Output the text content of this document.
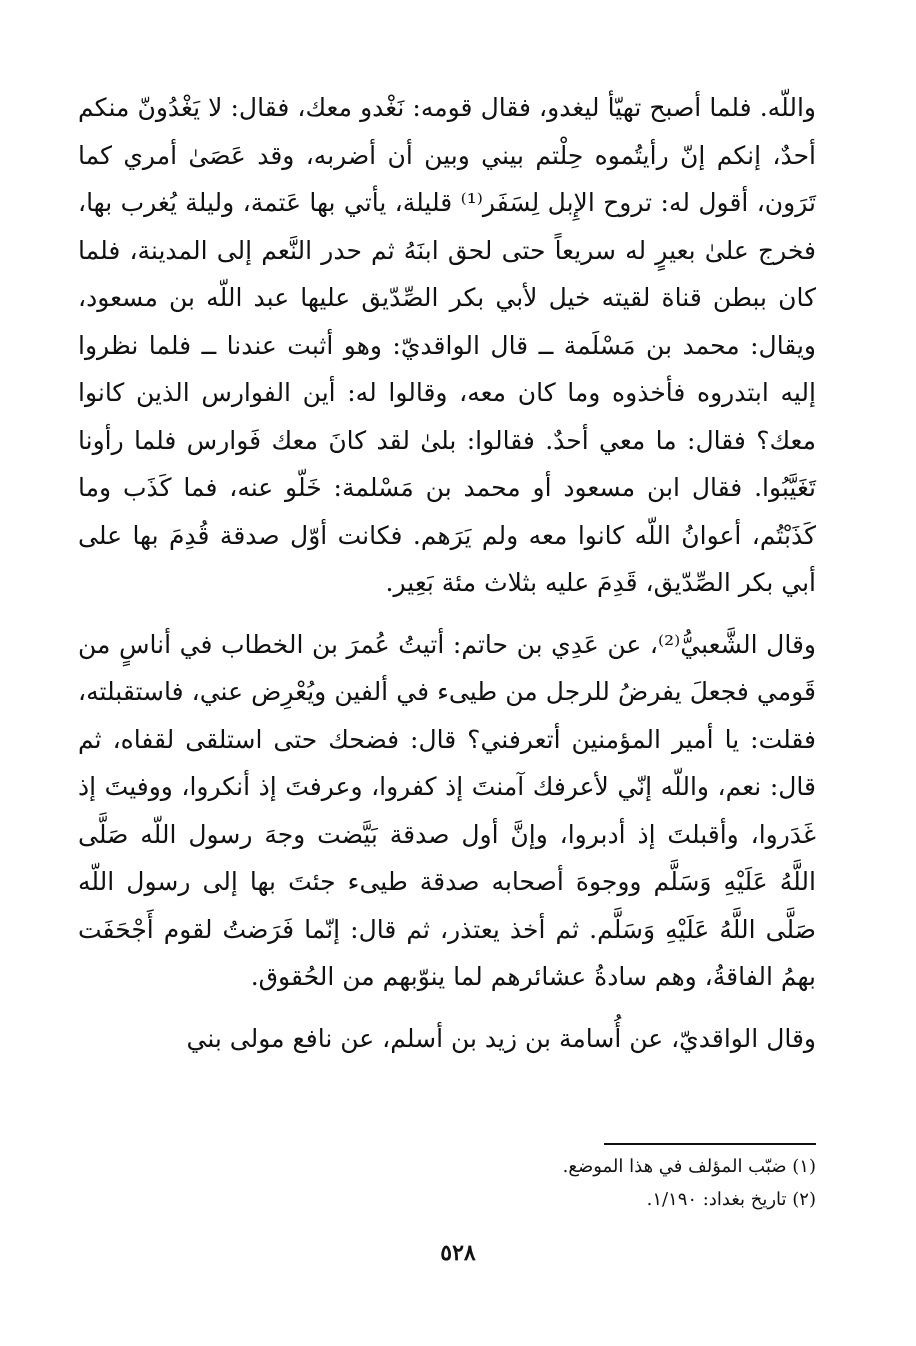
واللّه. فلما أصبح تهيّأ ليغدو، فقال قومه: نَغْدو معك، فقال: لا يَغْدُونّ منكم أحدٌ، إنكم إنّ رأيتُموه حِلْتم بيني وبين أن أضربه، وقد عَصَىٰ أمري كما تَرَون، أقول له: تروح الإِبل لِسَفَر⁽¹⁾ قليلة، يأتي بها عَتمة، وليلة يُغرب بها، فخرج علىٰ بعيرٍ له سريعاً حتى لحق ابنَهُ ثم حدر النَّعم إلى المدينة، فلما كان ببطن قناة لقيته خيل لأبي بكر الصِّدّيق عليها عبد اللّه بن مسعود، ويقال: محمد بن مَسْلَمة ــ قال الواقديّ: وهو أثبت عندنا ــ فلما نظروا إليه ابتدروه فأخذوه وما كان معه، وقالوا له: أين الفوارس الذين كانوا معك؟ فقال: ما معي أحدٌ. فقالوا: بلىٰ لقد كانَ معك فَوارس فلما رأونا تَغَيَّبُوا. فقال ابن مسعود أو محمد بن مَسْلمة: خَلّو عنه، فما كَذَب وما كَذَبْتُم، أعوانُ اللّه كانوا معه ولم يَرَهم. فكانت أوّل صدقة قُدِمَ بها على أبي بكر الصِّدّيق، قَدِمَ عليه بثلاث مئة بَعِير.

وقال الشَّعبيُّ⁽²⁾، عن عَدِي بن حاتم: أتيتُ عُمرَ بن الخطاب في أناسٍ من قَومي فجعلَ يفرضُ للرجل من طيىء في ألفين ويُعْرِض عني، فاستقبلته، فقلت: يا أمير المؤمنين أتعرفني؟ قال: فضحك حتى استلقى لقفاه، ثم قال: نعم، واللّه إنّي لأعرفك آمنتَ إذ كفروا، وعرفتَ إذ أنكروا، ووفيتَ إذ غَدَروا، وأقبلتَ إذ أدبروا، وإنَّ أول صدقة بَيَّضت وجهَ رسول اللّه صَلَّى اللَّهُ عَلَيْهِ وَسَلَّم ووجوهَ أصحابه صدقة طيىء جئتَ بها إلى رسول اللّه صَلَّى اللَّهُ عَلَيْهِ وَسَلَّم. ثم أخذ يعتذر، ثم قال: إنّما فَرَضتُ لقوم أَجْحَفَت بهمُ الفاقةُ، وهم سادةُ عشائرهم لما ينوّبهم من الحُقوق.

وقال الواقديّ، عن أُسامة بن زيد بن أسلم، عن نافع مولى بني

(١) ضبّب المؤلف في هذا الموضع.

(٢) تاريخ بغداد: ١/١٩٠.

٥٢٨
